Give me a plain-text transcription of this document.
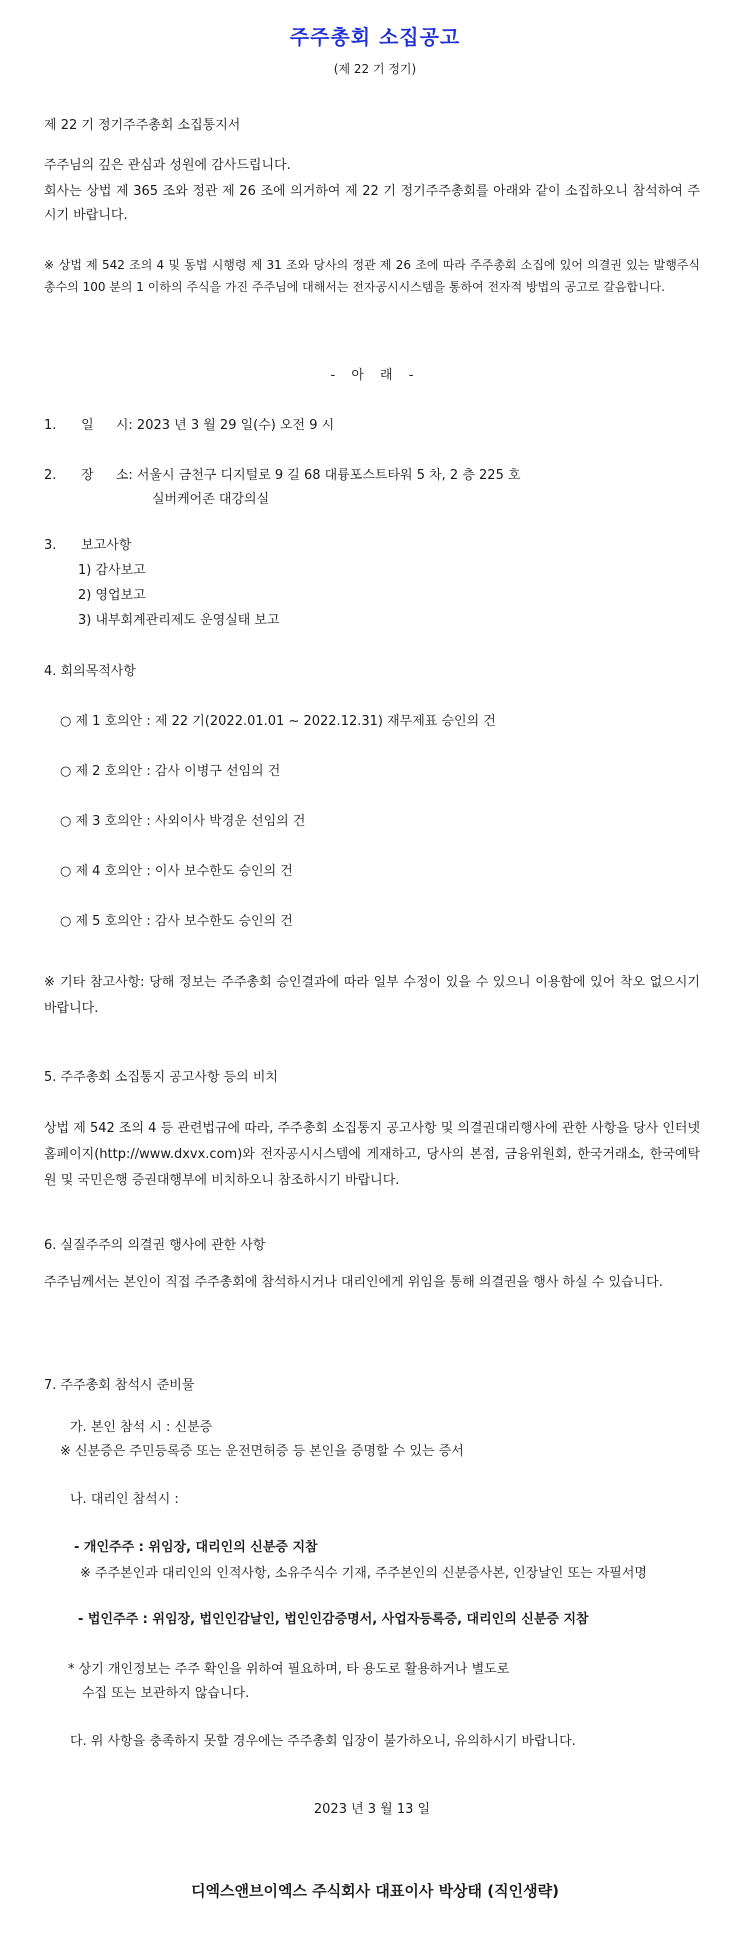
주주총회 소집공고
(제 22 기 정기)
제 22 기 정기주주총회 소집통지서
주주님의 깊은 관심과 성원에 감사드립니다.
회사는 상법 제 365 조와 정관 제 26 조에 의거하여 제 22 기 정기주주총회를 아래와 같이 소집하오니 참석하여 주시기 바랍니다.
※ 상법 제 542 조의 4 및 동법 시행령 제 31 조와 당사의 정관 제 26 조에 따라 주주총회 소집에 있어 의결권 있는 발행주식총수의 100 분의 1 이하의 주식을 가진 주주님에 대해서는 전자공시시스템을 통하여 전자적 방법의 공고로 갈음합니다.
- 아 래 -
1. 일 시: 2023 년 3 월 29 일(수) 오전 9 시
2. 장 소: 서울시 금천구 디지털로 9 길 68 대륭포스트타워 5 차, 2 층 225 호
실버케어존 대강의실
3. 보고사항
1) 감사보고
2) 영업보고
3) 내부회계관리제도 운영실태 보고
4. 회의목적사항
○ 제 1 호의안 : 제 22 기(2022.01.01 ~ 2022.12.31) 재무제표 승인의 건
○ 제 2 호의안 : 감사 이병구 선임의 건
○ 제 3 호의안 : 사외이사 박경운 선임의 건
○ 제 4 호의안 : 이사 보수한도 승인의 건
○ 제 5 호의안 : 감사 보수한도 승인의 건
※ 기타 참고사항: 당해 정보는 주주총회 승인결과에 따라 일부 수정이 있을 수 있으니 이용함에 있어 착오 없으시기 바랍니다.
5. 주주총회 소집통지 공고사항 등의 비치
상법 제 542 조의 4 등 관련법규에 따라, 주주총회 소집통지 공고사항 및 의결권대리행사에 관한 사항을 당사 인터넷 홈페이지(http://www.dxvx.com)와 전자공시시스템에 게재하고, 당사의 본점, 금융위원회, 한국거래소, 한국예탁원 및 국민은행 증권대행부에 비치하오니 참조하시기 바랍니다.
6. 실질주주의 의결권 행사에 관한 사항
주주님께서는 본인이 직접 주주총회에 참석하시거나 대리인에게 위임을 통해 의결권을 행사 하실 수 있습니다.
7. 주주총회 참석시 준비물
가. 본인 참석 시 : 신분증
※ 신분증은 주민등록증 또는 운전면허증 등 본인을 증명할 수 있는 증서
나. 대리인 참석시 :
- 개인주주 : 위임장, 대리인의 신분증 지참
※ 주주본인과 대리인의 인적사항, 소유주식수 기재, 주주본인의 신분증사본, 인장날인 또는 자필서명
- 법인주주 : 위임장, 법인인감날인, 법인인감증명서, 사업자등록증, 대리인의 신분증 지참
* 상기 개인정보는 주주 확인을 위하여 필요하며, 타 용도로 활용하거나 별도로
수집 또는 보관하지 않습니다.
다. 위 사항을 충족하지 못할 경우에는 주주총회 입장이 불가하오니, 유의하시기 바랍니다.
2023 년 3 월 13 일
디엑스앤브이엑스 주식회사 대표이사 박상태 (직인생략)
